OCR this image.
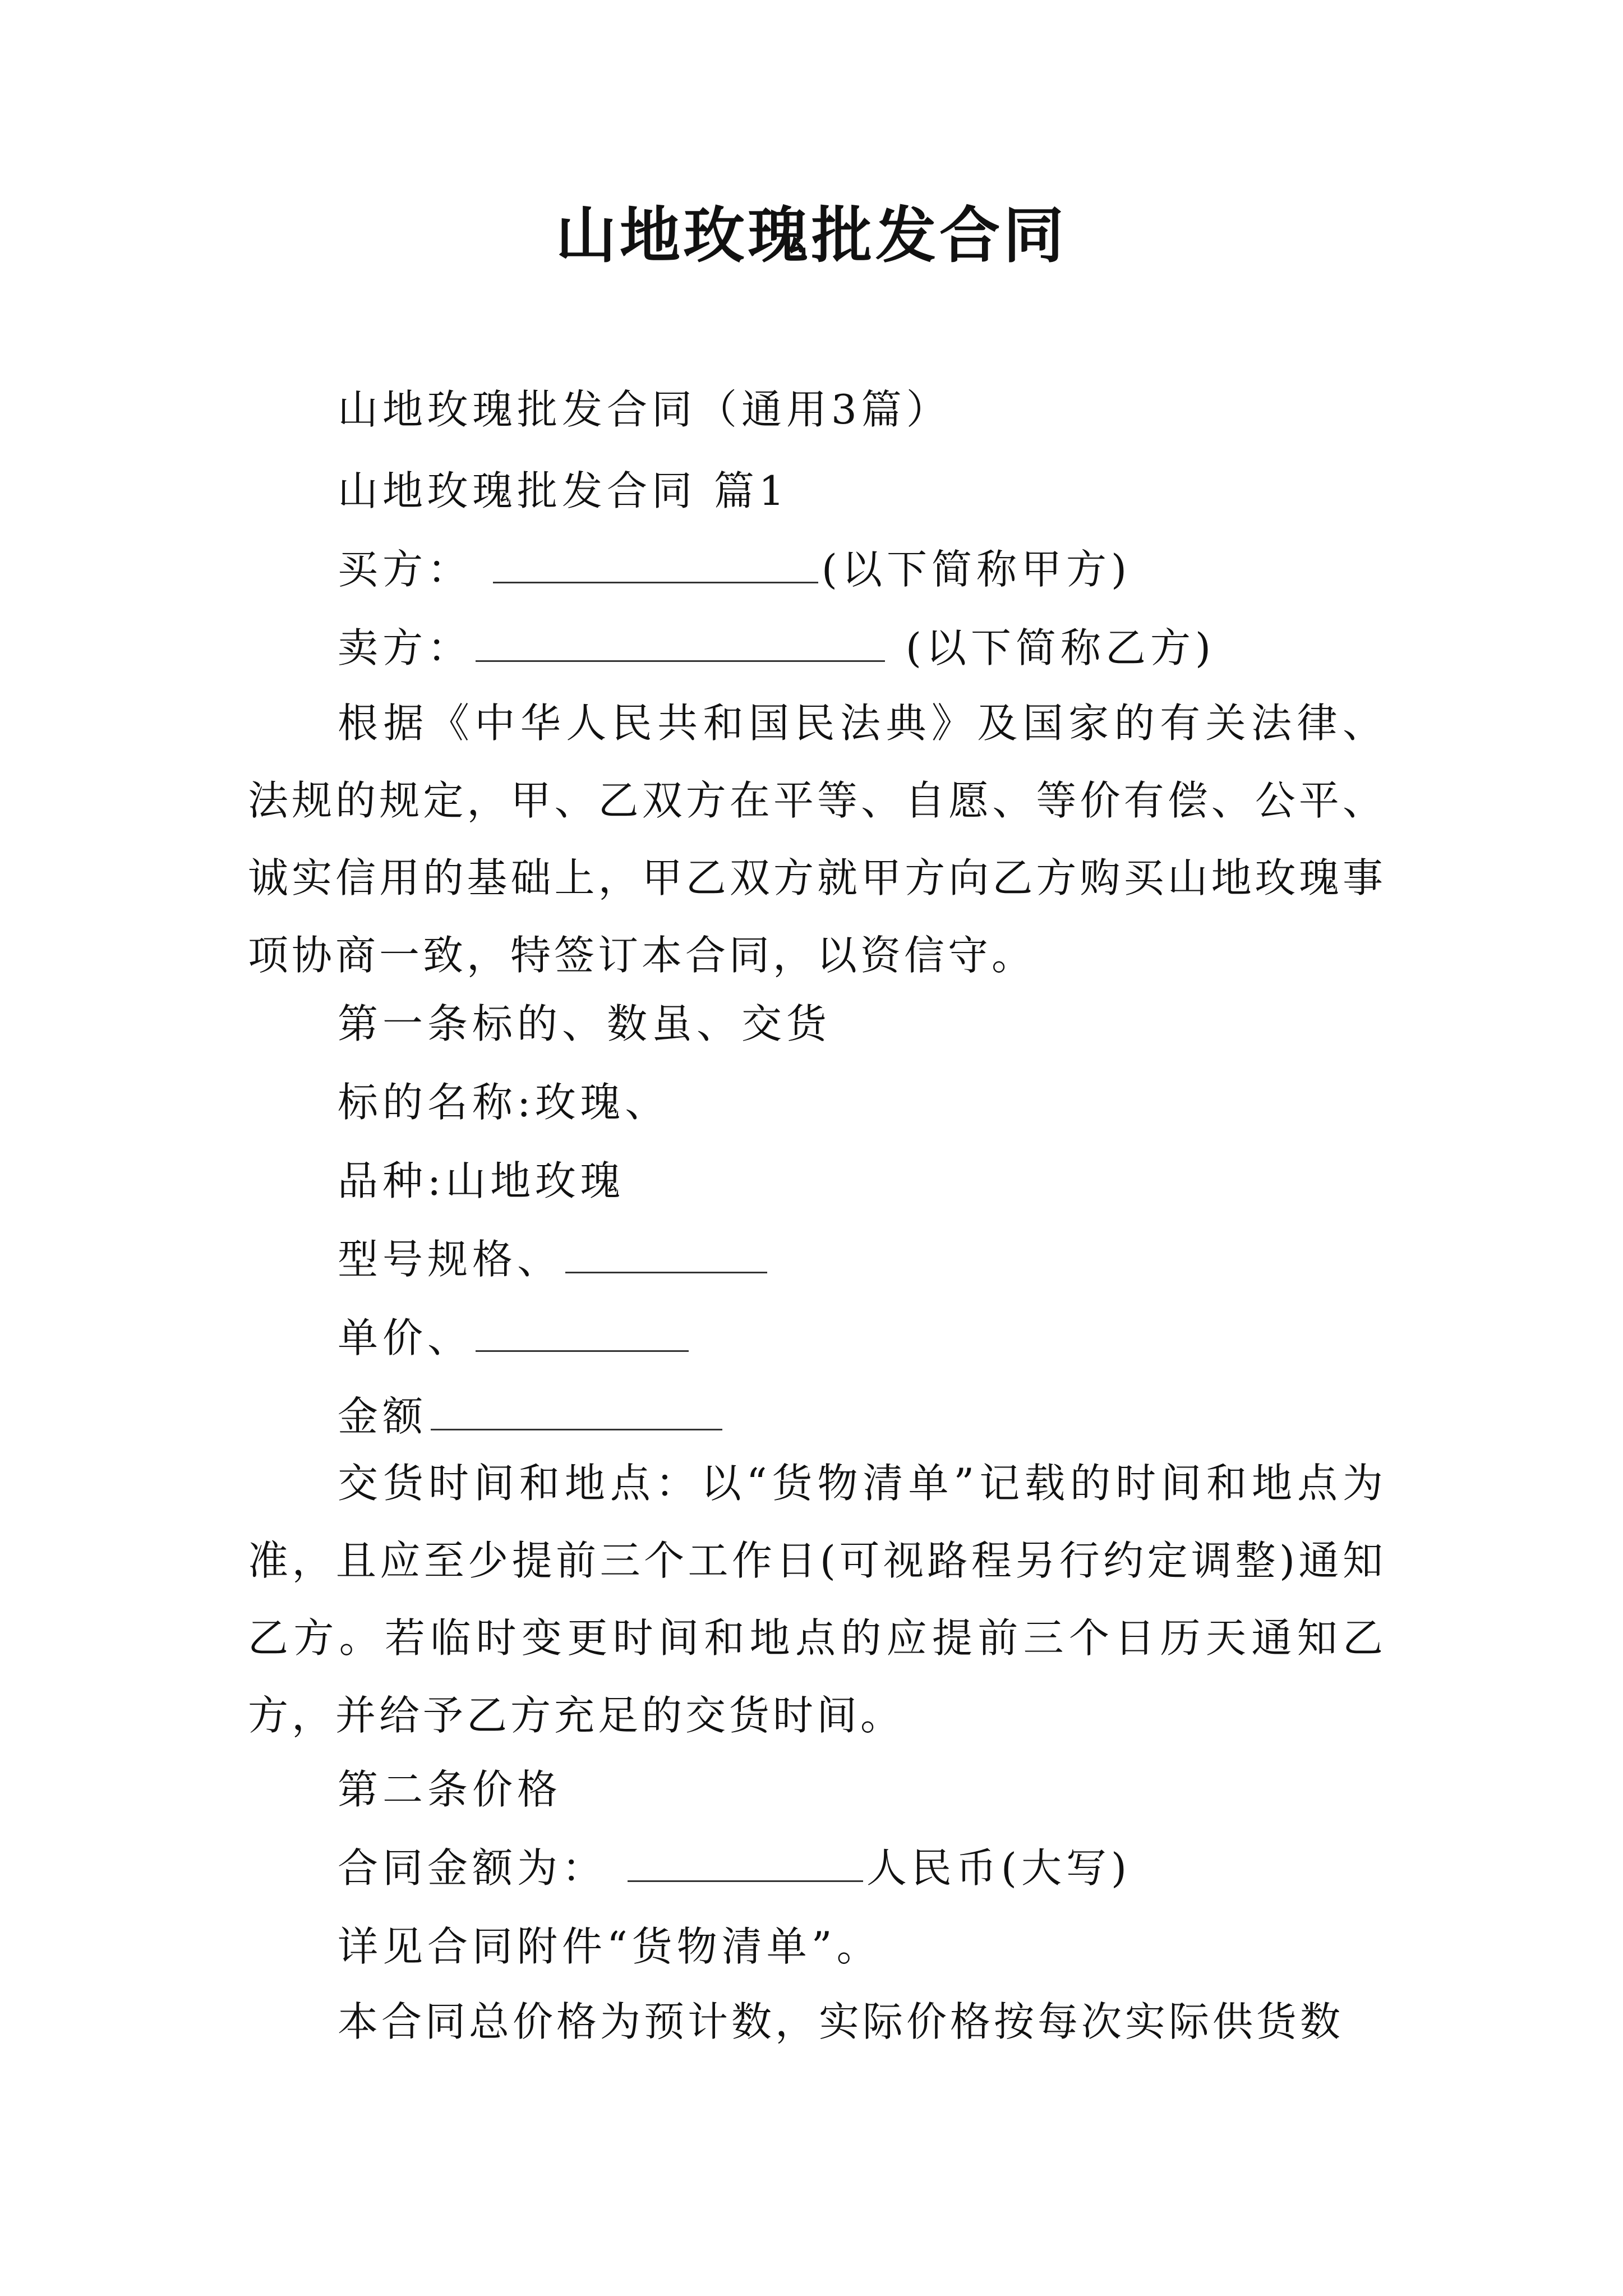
山地玫瑰批发合同
山地玫瑰批发合同（通用3篇）
山地玫瑰批发合同 篇1
买方：	(以下简称甲方)
卖方：	(以下简称乙方)
根据《中华人民共和国民法典》及国家的有关法律、法规的规定，甲、乙双方在平等、自愿、等价有偿、公平、诚实信用的基础上，甲乙双方就甲方向乙方购买山地玫瑰事项协商一致，特签订本合同，以资信守。
第一条标的、数虽、交货
标的名称:玫瑰、
品种:山地玫瑰
型号规格、
单价、
金额
交货时间和地点：以“货物清单”记载的时间和地点为准，且应至少提前三个工作日(可视路程另行约定调整)通知乙方。若临时变更时间和地点的应提前三个日历天通知乙方，并给予乙方充足的交货时间。
第二条价格
合同金额为：	人民币(大写)
详见合同附件“货物清单”。
本合同总价格为预计数，实际价格按每次实际供货数
